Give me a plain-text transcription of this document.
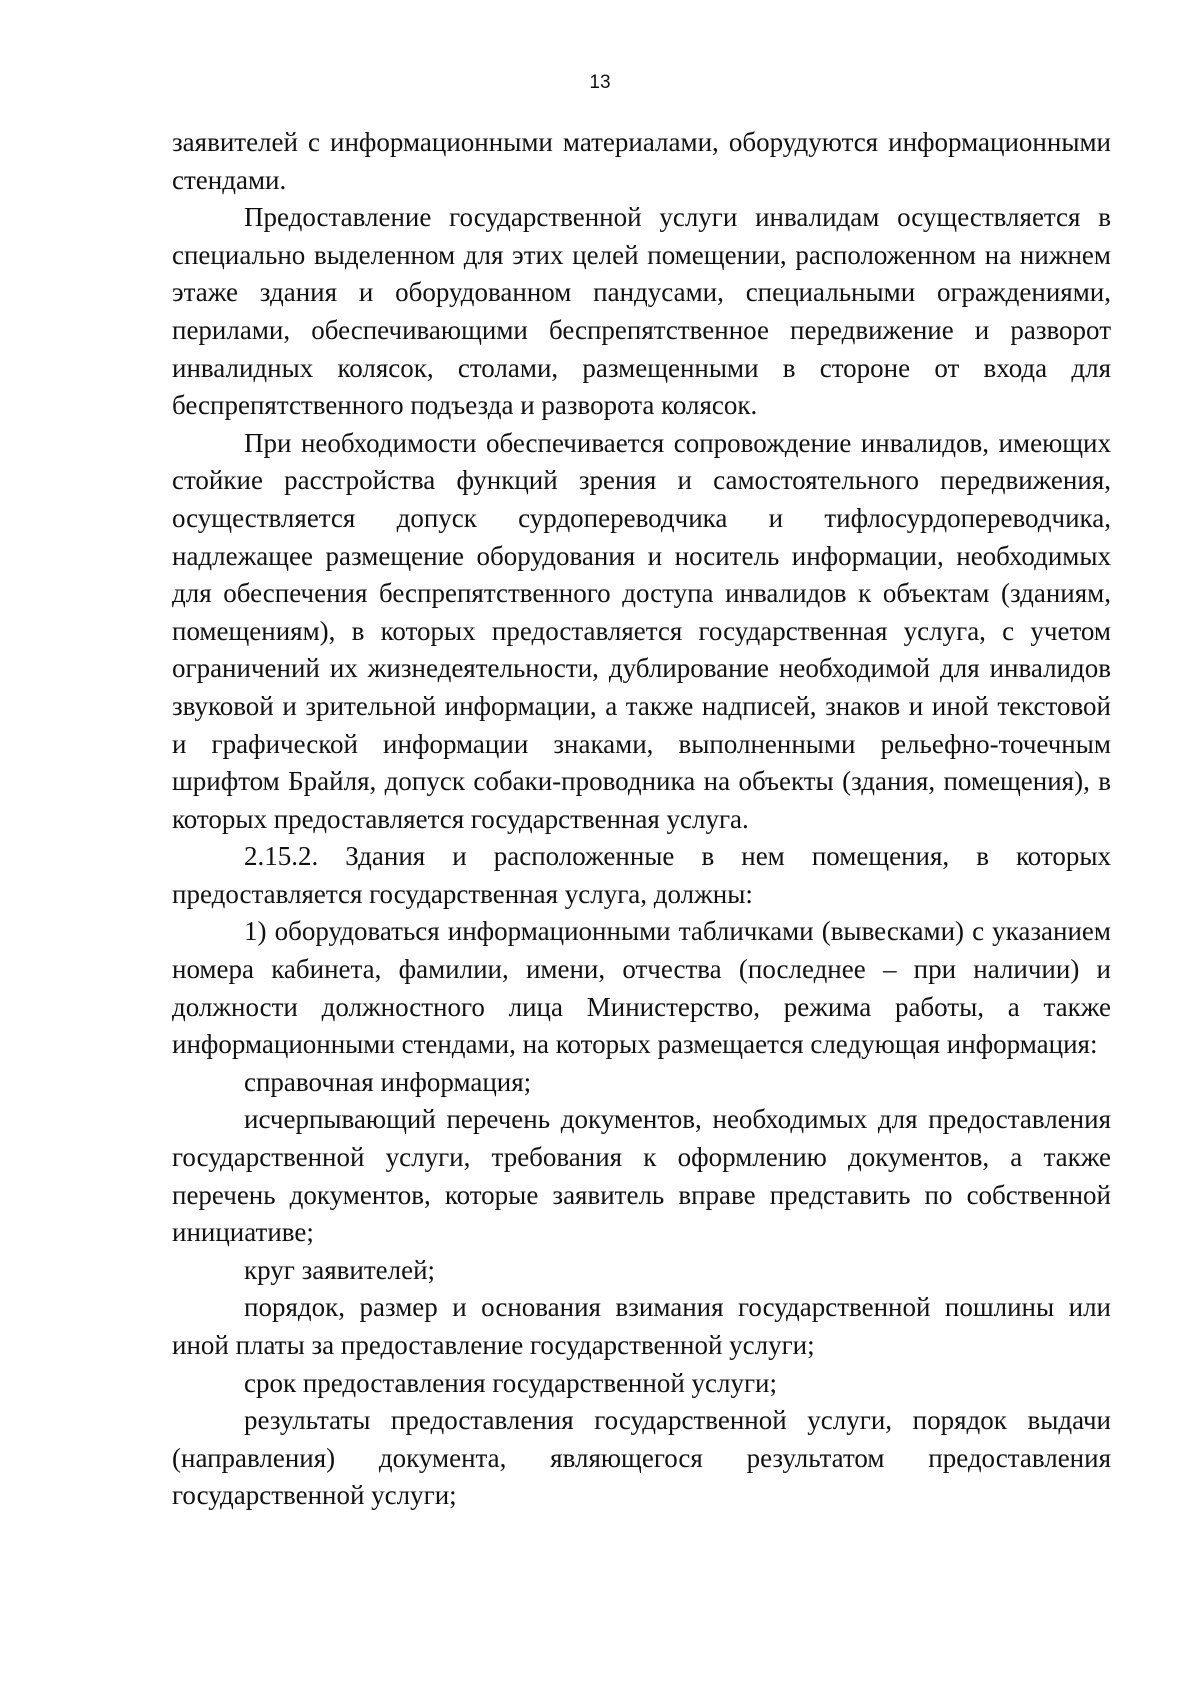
13

заявителей с информационными материалами, оборудуются информационными стендами.

Предоставление государственной услуги инвалидам осуществляется в специально выделенном для этих целей помещении, расположенном на нижнем этаже здания и оборудованном пандусами, специальными ограждениями, перилами, обеспечивающими беспрепятственное передвижение и разворот инвалидных колясок, столами, размещенными в стороне от входа для беспрепятственного подъезда и разворота колясок.

При необходимости обеспечивается сопровождение инвалидов, имеющих стойкие расстройства функций зрения и самостоятельного передвижения, осуществляется допуск сурдопереводчика и тифлосурдопереводчика, надлежащее размещение оборудования и носитель информации, необходимых для обеспечения беспрепятственного доступа инвалидов к объектам (зданиям, помещениям), в которых предоставляется государственная услуга, с учетом ограничений их жизнедеятельности, дублирование необходимой для инвалидов звуковой и зрительной информации, а также надписей, знаков и иной текстовой и графической информации знаками, выполненными рельефно-точечным шрифтом Брайля, допуск собаки-проводника на объекты (здания, помещения), в которых предоставляется государственная услуга.

2.15.2. Здания и расположенные в нем помещения, в которых предоставляется государственная услуга, должны:

1) оборудоваться информационными табличками (вывесками) с указанием номера кабинета, фамилии, имени, отчества (последнее – при наличии) и должности должностного лица Министерство, режима работы, а также информационными стендами, на которых размещается следующая информация:

справочная информация;

исчерпывающий перечень документов, необходимых для предоставления государственной услуги, требования к оформлению документов, а также перечень документов, которые заявитель вправе представить по собственной инициативе;

круг заявителей;

порядок, размер и основания взимания государственной пошлины или иной платы за предоставление государственной услуги;

срок предоставления государственной услуги;

результаты предоставления государственной услуги, порядок выдачи (направления) документа, являющегося результатом предоставления государственной услуги;
